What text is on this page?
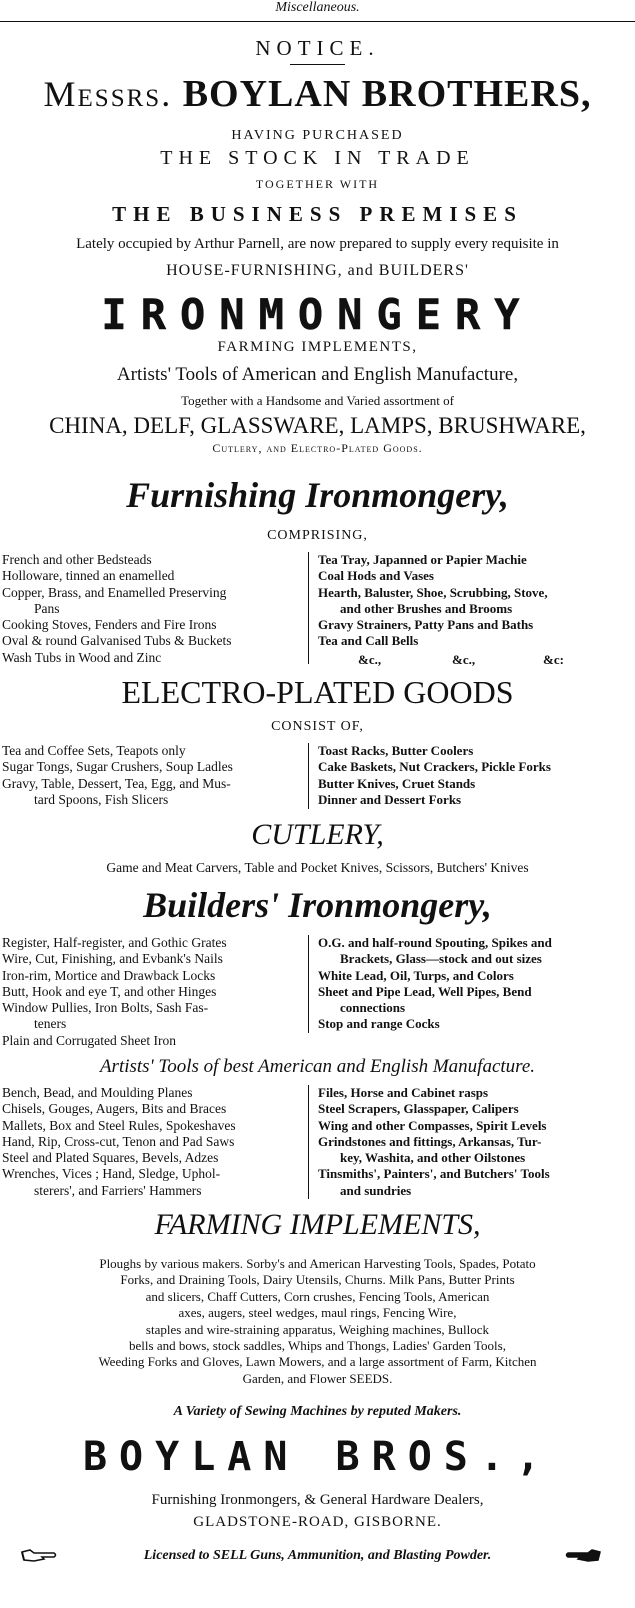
Miscellaneous.
NOTICE.
Messrs. BOYLAN BROTHERS,
HAVING PURCHASED
THE STOCK IN TRADE
TOGETHER WITH
THE BUSINESS PREMISES
Lately occupied by Arthur Parnell, are now prepared to supply every requisite in
HOUSE-FURNISHING, and BUILDERS'
IRONMONGERY
FARMING IMPLEMENTS,
Artists' Tools of American and English Manufacture,
Together with a Handsome and Varied assortment of
CHINA, DELF, GLASSWARE, LAMPS, BRUSHWARE,
Cutlery, and Electro-Plated Goods.
Furnishing Ironmongery,
COMPRISING,
French and other Bedsteads
Holloware, tinned an enamelled
Copper, Brass, and Enamelled Preserving
Pans
Cooking Stoves, Fenders and Fire Irons
Oval & round Galvanised Tubs & Buckets
Wash Tubs in Wood and Zinc
Tea Tray, Japanned or Papier Machie
Coal Hods and Vases
Hearth, Baluster, Shoe, Scrubbing, Stove,
and other Brushes and Brooms
Gravy Strainers, Patty Pans and Baths
Tea and Call Bells
&c.,	&c.,	&c:
ELECTRO-PLATED GOODS
CONSIST OF,
Tea and Coffee Sets, Teapots only
Sugar Tongs, Sugar Crushers, Soup Ladles
Gravy, Table, Dessert, Tea, Egg, and Mus-
tard Spoons, Fish Slicers
Toast Racks, Butter Coolers
Cake Baskets, Nut Crackers, Pickle Forks
Butter Knives, Cruet Stands
Dinner and Dessert Forks
CUTLERY,
Game and Meat Carvers, Table and Pocket Knives, Scissors, Butchers' Knives
Builders' Ironmongery,
Register, Half-register, and Gothic Grates
Wire, Cut, Finishing, and Evbank's Nails
Iron-rim, Mortice and Drawback Locks
Butt, Hook and eye T, and other Hinges
Window Pullies, Iron Bolts, Sash Fas-
teners
Plain and Corrugated Sheet Iron
O.G. and half-round Spouting, Spikes and
Brackets, Glass—stock and out sizes
White Lead, Oil, Turps, and Colors
Sheet and Pipe Lead, Well Pipes, Bend
connections
Stop and range Cocks
Artists' Tools of best American and English Manufacture.
Bench, Bead, and Moulding Planes
Chisels, Gouges, Augers, Bits and Braces
Mallets, Box and Steel Rules, Spokeshaves
Hand, Rip, Cross-cut, Tenon and Pad Saws
Steel and Plated Squares, Bevels, Adzes
Wrenches, Vices ; Hand, Sledge, Uphol-
sterers', and Farriers' Hammers
Files, Horse and Cabinet rasps
Steel Scrapers, Glasspaper, Calipers
Wing and other Compasses, Spirit Levels
Grindstones and fittings, Arkansas, Tur-
key, Washita, and other Oilstones
Tinsmiths', Painters', and Butchers' Tools
and sundries
FARMING IMPLEMENTS,
Ploughs by various makers. Sorby's and American Harvesting Tools, Spades, Potato
Forks, and Draining Tools, Dairy Utensils, Churns. Milk Pans, Butter Prints
and slicers, Chaff Cutters, Corn crushes, Fencing Tools, American
axes, augers, steel wedges, maul rings, Fencing Wire,
staples and wire-straining apparatus, Weighing machines, Bullock
bells and bows, stock saddles, Whips and Thongs, Ladies' Garden Tools,
Weeding Forks and Gloves, Lawn Mowers, and a large assortment of Farm, Kitchen
Garden, and Flower SEEDS.
A Variety of Sewing Machines by reputed Makers.
BOYLAN BROS.,
Furnishing Ironmongers, & General Hardware Dealers,
GLADSTONE-ROAD, GISBORNE.
Licensed to SELL Guns, Ammunition, and Blasting Powder.
